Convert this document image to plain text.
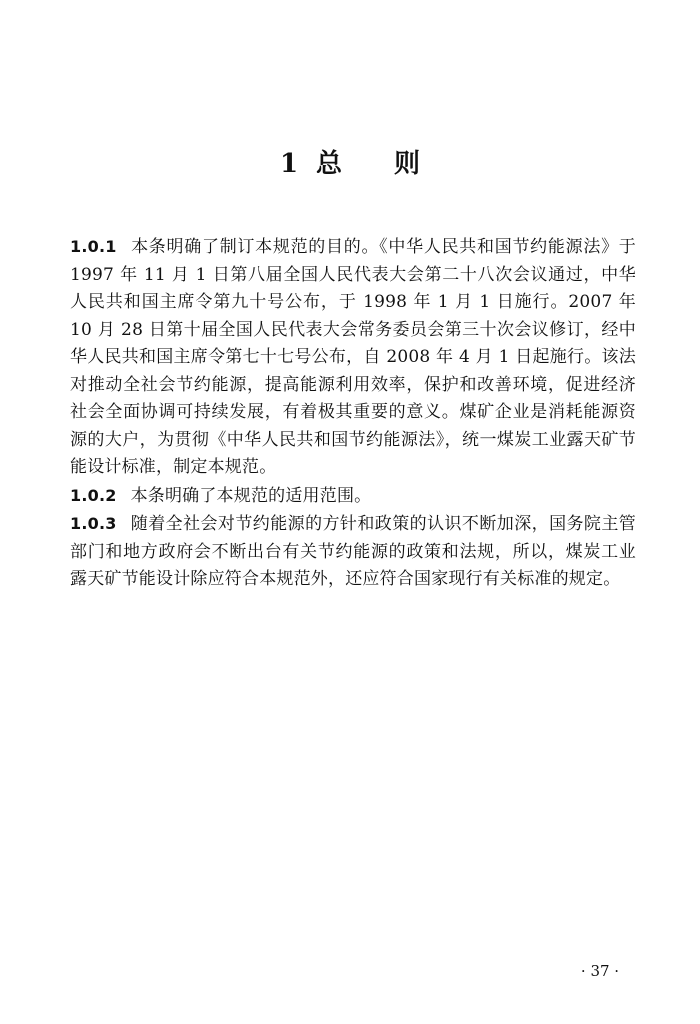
1 总 则

1.0.1 本条明确了制订本规范的目的。《中华人民共和国节约能源法》于 1997 年 11 月 1 日第八届全国人民代表大会第二十八次会议通过，中华人民共和国主席令第九十号公布，于 1998 年 1 月 1 日施行。2007 年 10 月 28 日第十届全国人民代表大会常务委员会第三十次会议修订，经中华人民共和国主席令第七十七号公布，自 2008 年 4 月 1 日起施行。该法对推动全社会节约能源，提高能源利用效率，保护和改善环境，促进经济社会全面协调可持续发展，有着极其重要的意义。煤矿企业是消耗能源资源的大户，为贯彻《中华人民共和国节约能源法》，统一煤炭工业露天矿节能设计标准，制定本规范。

1.0.2 本条明确了本规范的适用范围。

1.0.3 随着全社会对节约能源的方针和政策的认识不断加深，国务院主管部门和地方政府会不断出台有关节约能源的政策和法规，所以，煤炭工业露天矿节能设计除应符合本规范外，还应符合国家现行有关标准的规定。

· 37 ·
